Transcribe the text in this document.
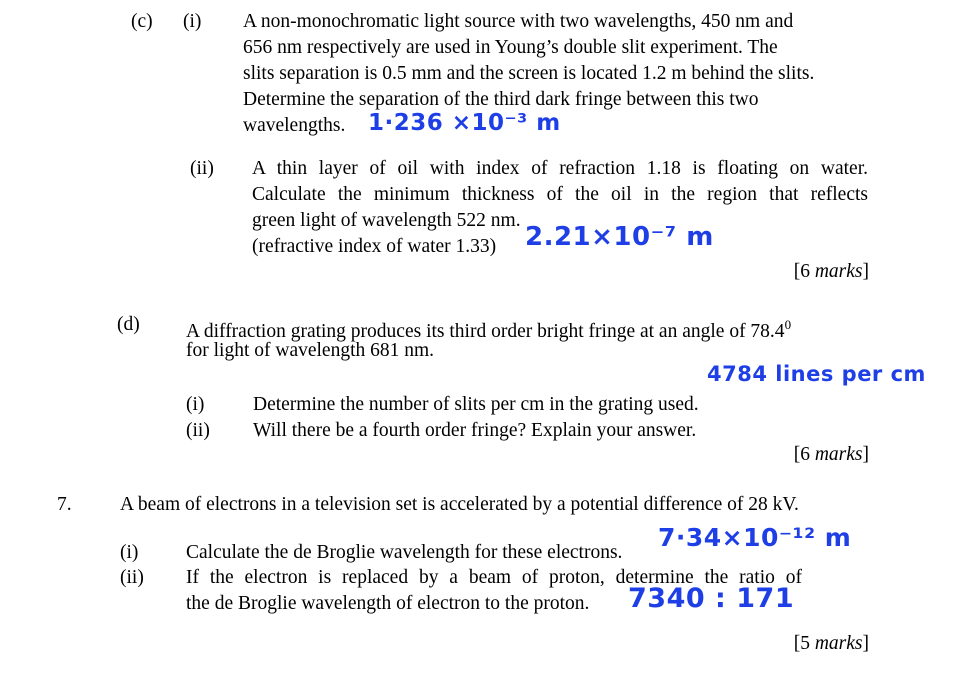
(c) (i) A non-monochromatic light source with two wavelengths, 450 nm and
656 nm respectively are used in Young’s double slit experiment. The
slits separation is 0.5 mm and the screen is located 1.2 m behind the slits.
Determine the separation of the third dark fringe between this two
wavelengths. 1·236 ×10⁻³ m
(ii) A thin layer of oil with index of refraction 1.18 is floating on water.
Calculate the minimum thickness of the oil in the region that reflects
green light of wavelength 522 nm.
(refractive index of water 1.33) 2.21×10⁻⁷ m
[6 marks]
(d) A diffraction grating produces its third order bright fringe at an angle of 78.4$^0$
for light of wavelength 681 nm.
4784 lines per cm
(i) Determine the number of slits per cm in the grating used.
(ii) Will there be a fourth order fringe? Explain your answer.
[6 marks]
7. A beam of electrons in a television set is accelerated by a potential difference of 28 kV.
(i) Calculate the de Broglie wavelength for these electrons.
7·34×10⁻¹² m
(ii) If the electron is replaced by a beam of proton, determine the ratio of
the de Broglie wavelength of electron to the proton. 7340 : 171
[5 marks]
